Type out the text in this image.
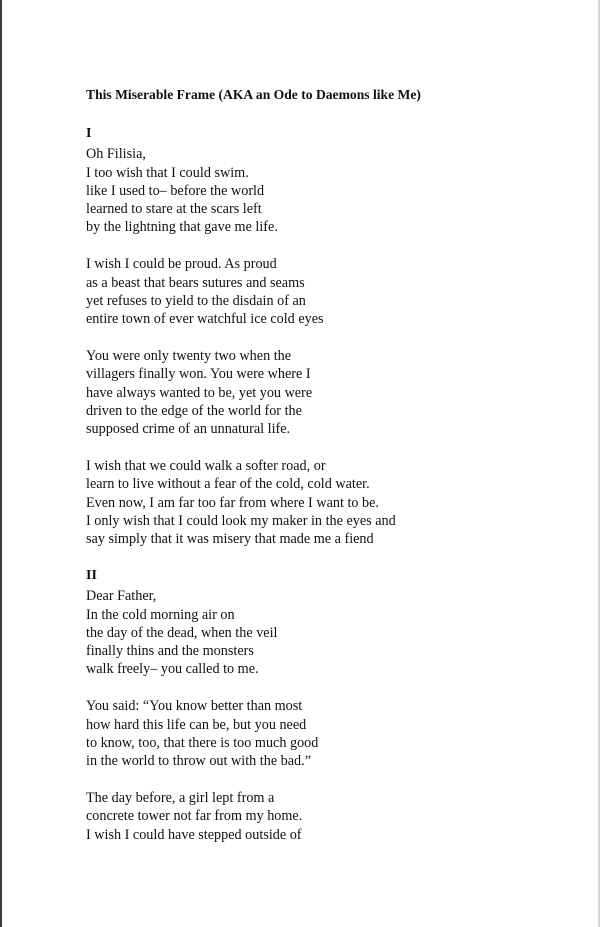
This Miserable Frame (AKA an Ode to Daemons like Me)
I
Oh Filisia,
I too wish that I could swim.
like I used to– before the world
learned to stare at the scars left
by the lightning that gave me life.
I wish I could be proud. As proud
as a beast that bears sutures and seams
yet refuses to yield to the disdain of an
entire town of ever watchful ice cold eyes
You were only twenty two when the
villagers finally won. You were where I
have always wanted to be, yet you were
driven to the edge of the world for the
supposed crime of an unnatural life.
I wish that we could walk a softer road, or
learn to live without a fear of the cold, cold water.
Even now, I am far too far from where I want to be.
I only wish that I could look my maker in the eyes and
say simply that it was misery that made me a fiend
II
Dear Father,
In the cold morning air on
the day of the dead, when the veil
finally thins and the monsters
walk freely– you called to me.
You said: “You know better than most
how hard this life can be, but you need
to know, too, that there is too much good
in the world to throw out with the bad.”
The day before, a girl lept from a
concrete tower not far from my home.
I wish I could have stepped outside of
